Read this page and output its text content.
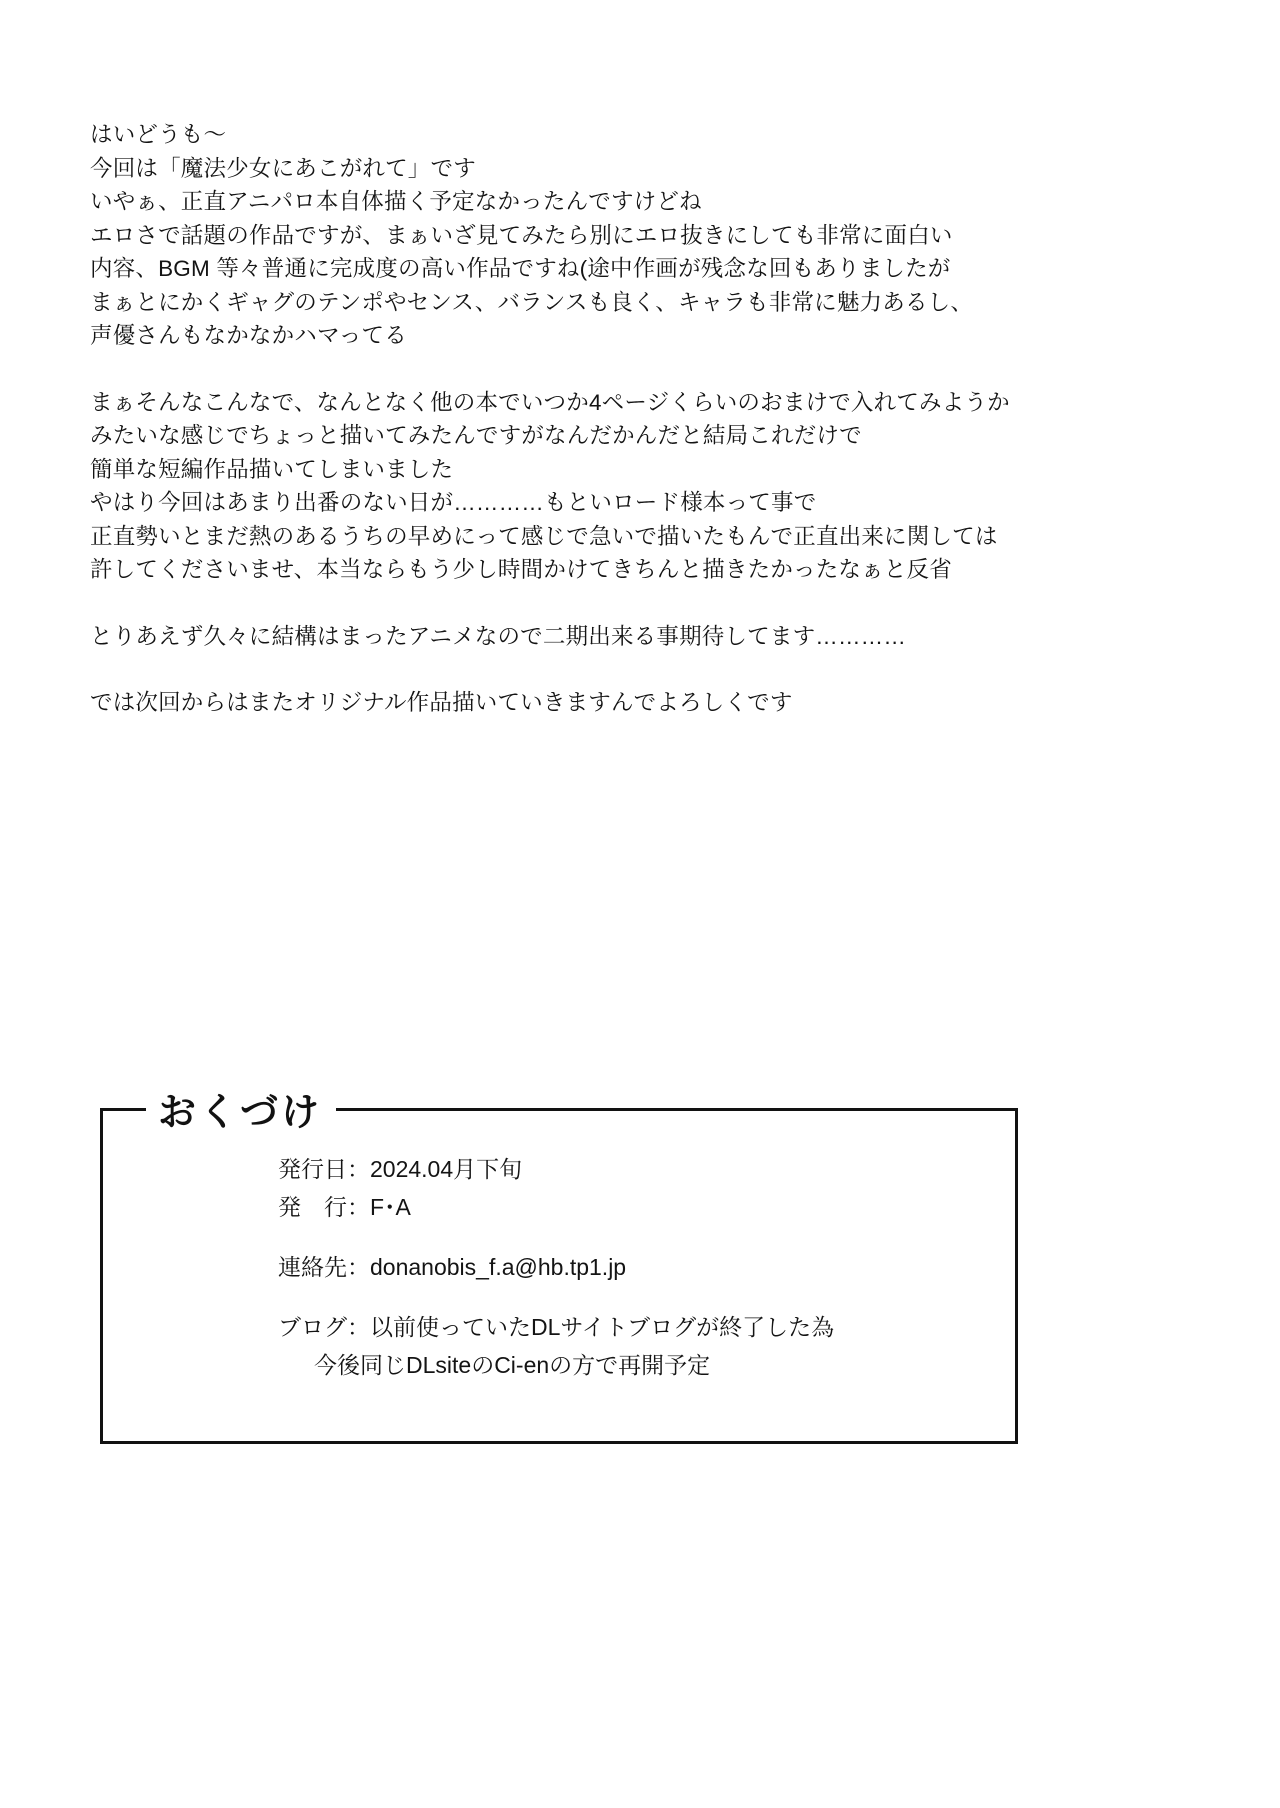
はいどうも〜

今回は「魔法少女にあこがれて」です

いやぁ、正直アニパロ本自体描く予定なかったんですけどね

エロさで話題の作品ですが、まぁいざ見てみたら別にエロ抜きにしても非常に面白い

内容、BGM 等々普通に完成度の高い作品ですね(途中作画が残念な回もありましたが

まぁとにかくギャグのテンポやセンス、バランスも良く、キャラも非常に魅力あるし、

声優さんもなかなかハマってる

まぁそんなこんなで、なんとなく他の本でいつか4ページくらいのおまけで入れてみようか

みたいな感じでちょっと描いてみたんですがなんだかんだと結局これだけで

簡単な短編作品描いてしまいました

やはり今回はあまり出番のない日が…………もといロード様本って事で

正直勢いとまだ熱のあるうちの早めにって感じで急いで描いたもんで正直出来に関しては

許してくださいませ、本当ならもう少し時間かけてきちんと描きたかったなぁと反省

とりあえず久々に結構はまったアニメなので二期出来る事期待してます…………

では次回からはまたオリジナル作品描いていきますんでよろしくです

おくづけ

発行日：2024.04月下旬

発　行：F･A

連絡先：donanobis_f.a@hb.tp1.jp

ブログ：以前使っていたDLサイトブログが終了した為

今後同じDLsiteのCi-enの方で再開予定
